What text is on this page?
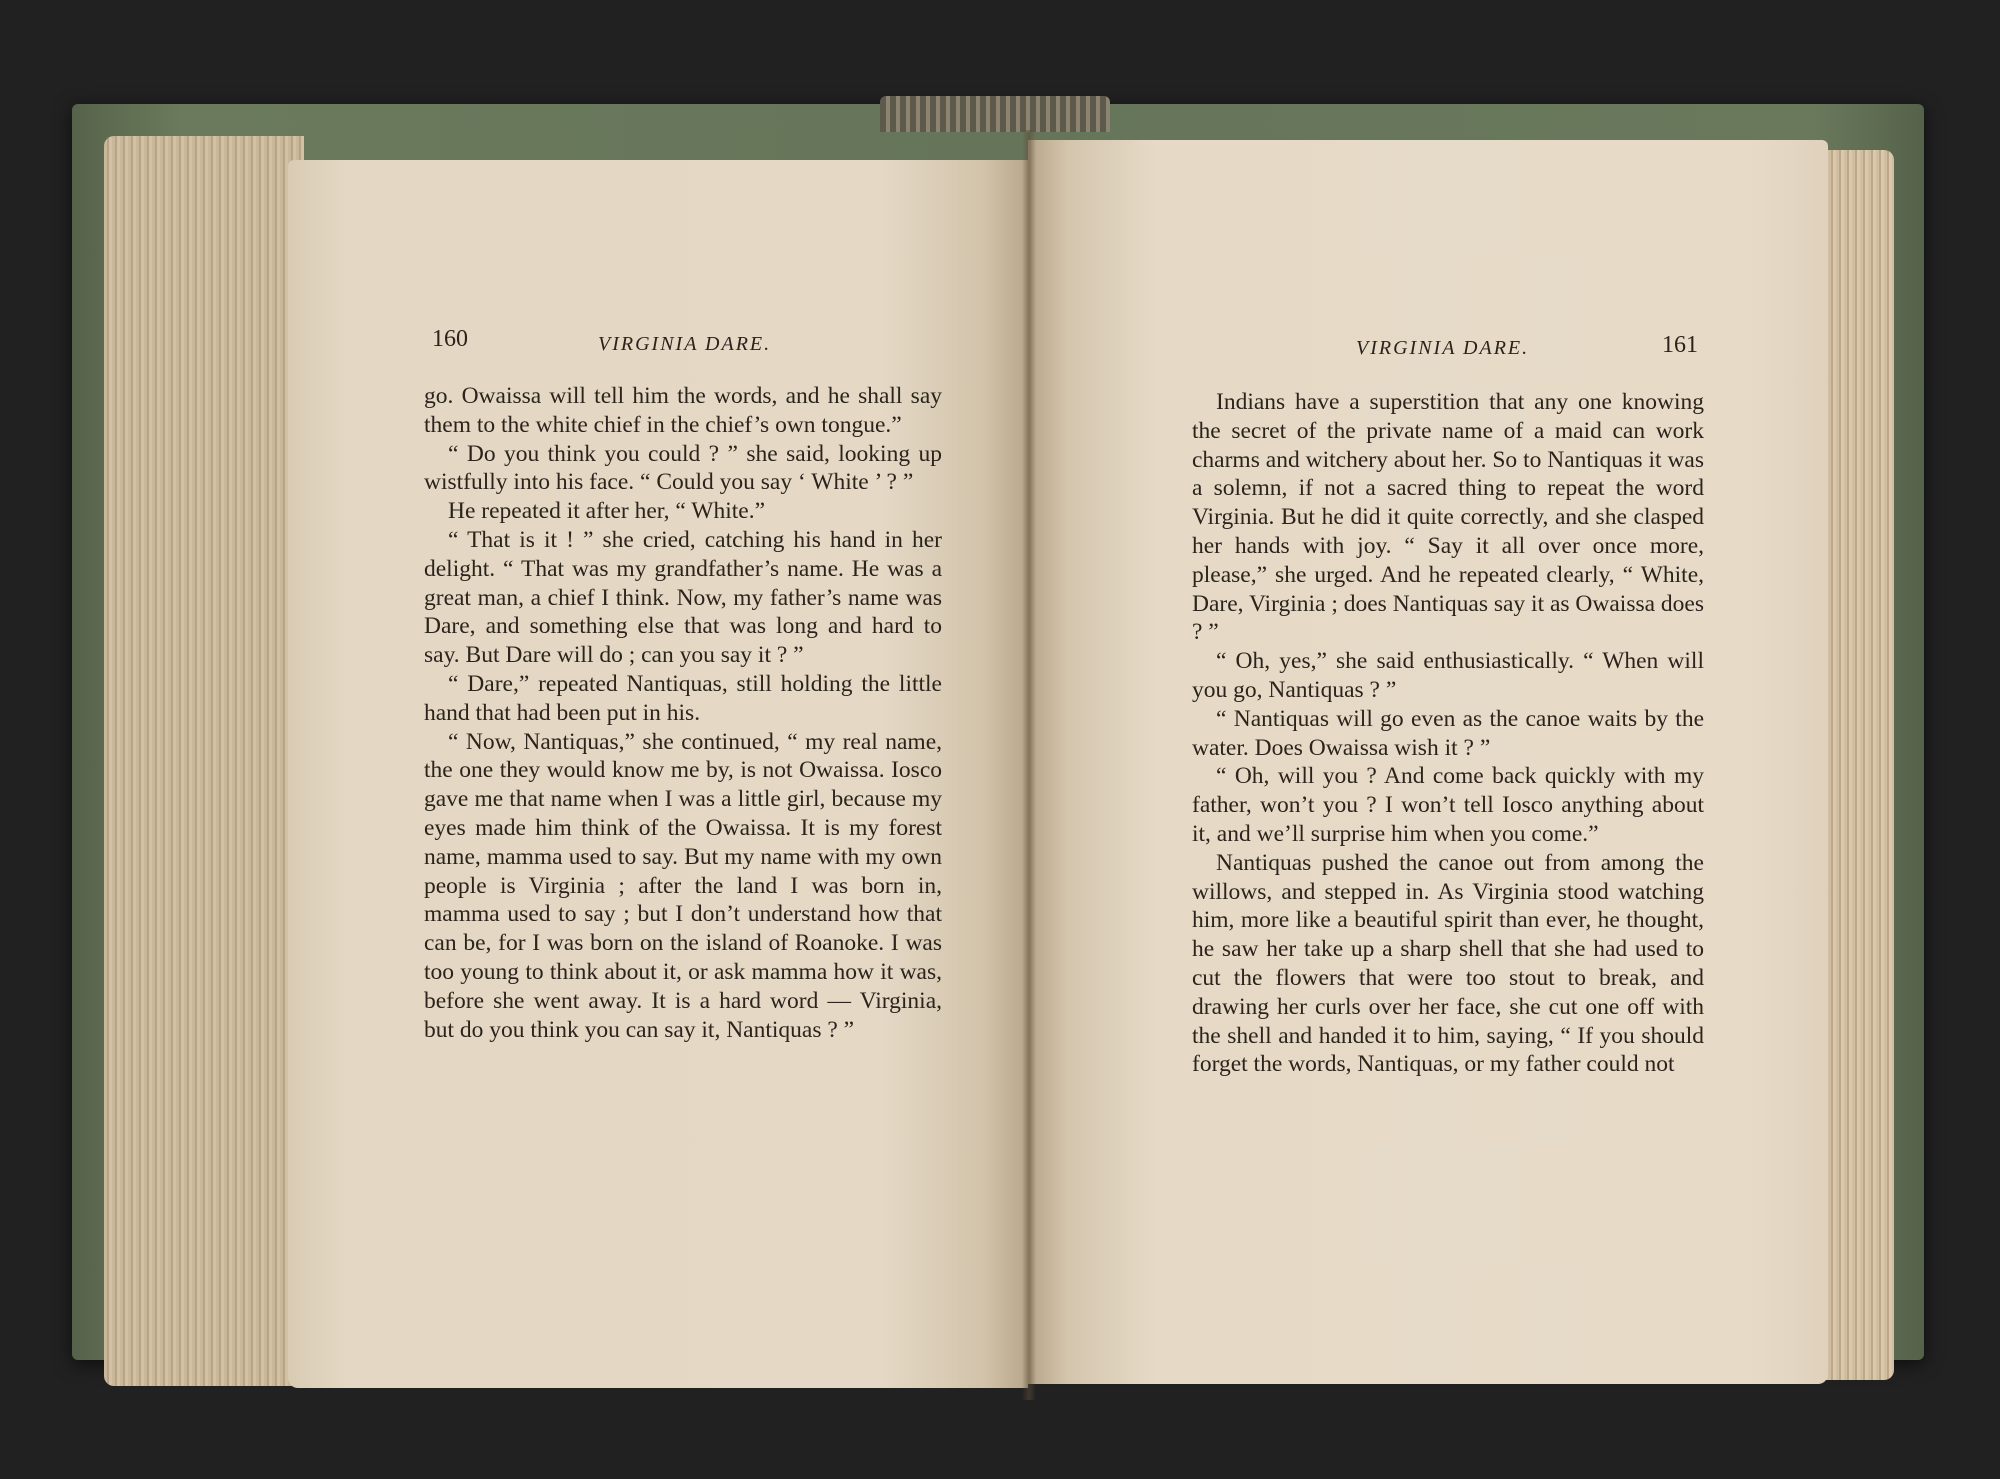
160	VIRGINIA DARE.	VIRGINIA DARE.	161

go. Owaissa will tell him the words, and he shall say them to the white chief in the chief’s own tongue.”

“ Do you think you could ? ” she said, looking up wistfully into his face. “ Could you say ‘ White ’ ? ”

He repeated it after her, “ White.”

“ That is it ! ” she cried, catching his hand in her delight. “ That was my grandfather’s name. He was a great man, a chief I think. Now, my father’s name was Dare, and something else that was long and hard to say. But Dare will do ; can you say it ? ”

“ Dare,” repeated Nantiquas, still holding the little hand that had been put in his.

“ Now, Nantiquas,” she continued, “ my real name, the one they would know me by, is not Owaissa. Iosco gave me that name when I was a little girl, because my eyes made him think of the Owaissa. It is my forest name, mamma used to say. But my name with my own people is Virginia ; after the land I was born in, mamma used to say ; but I don’t understand how that can be, for I was born on the island of Roanoke. I was too young to think about it, or ask mamma how it was, before she went away. It is a hard word — Virginia, but do you think you can say it, Nantiquas ? ”

Indians have a superstition that any one knowing the secret of the private name of a maid can work charms and witchery about her. So to Nantiquas it was a solemn, if not a sacred thing to repeat the word Virginia. But he did it quite correctly, and she clasped her hands with joy. “ Say it all over once more, please,” she urged. And he repeated clearly, “ White, Dare, Virginia ; does Nantiquas say it as Owaissa does ? ”

“ Oh, yes,” she said enthusiastically. “ When will you go, Nantiquas ? ”

“ Nantiquas will go even as the canoe waits by the water. Does Owaissa wish it ? ”

“ Oh, will you ? And come back quickly with my father, won’t you ? I won’t tell Iosco anything about it, and we’ll surprise him when you come.”

Nantiquas pushed the canoe out from among the willows, and stepped in. As Virginia stood watching him, more like a beautiful spirit than ever, he thought, he saw her take up a sharp shell that she had used to cut the flowers that were too stout to break, and drawing her curls over her face, she cut one off with the shell and handed it to him, saying, “ If you should forget the words, Nantiquas, or my father could not
